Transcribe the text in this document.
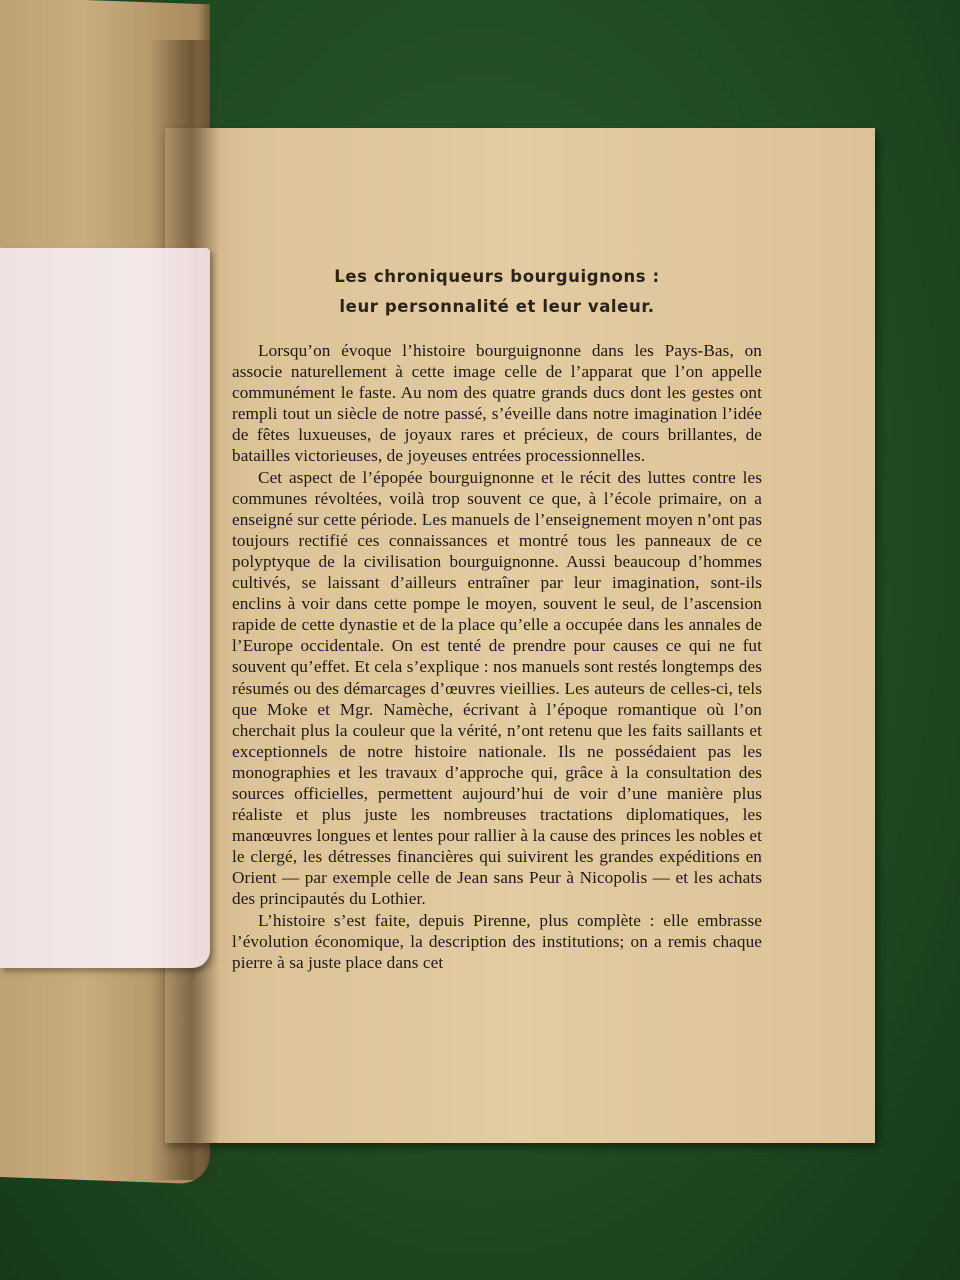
Les chroniqueurs bourguignons :
leur personnalité et leur valeur.

Lorsqu’on évoque l’histoire bourguignonne dans les Pays-Bas, on associe naturellement à cette image celle de l’apparat que l’on appelle communément le faste. Au nom des quatre grands ducs dont les gestes ont rempli tout un siècle de notre passé, s’éveille dans notre imagination l’idée de fêtes luxueuses, de joyaux rares et précieux, de cours brillantes, de batailles victorieuses, de joyeuses entrées processionnelles.

Cet aspect de l’épopée bourguignonne et le récit des luttes contre les communes révoltées, voilà trop souvent ce que, à l’école primaire, on a enseigné sur cette période. Les manuels de l’enseignement moyen n’ont pas toujours rectifié ces connaissances et montré tous les panneaux de ce polyptyque de la civilisation bourguignonne. Aussi beaucoup d’hommes cultivés, se laissant d’ailleurs entraîner par leur imagination, sont-ils enclins à voir dans cette pompe le moyen, souvent le seul, de l’ascension rapide de cette dynastie et de la place qu’elle a occupée dans les annales de l’Europe occidentale. On est tenté de prendre pour causes ce qui ne fut souvent qu’effet. Et cela s’explique : nos manuels sont restés longtemps des résumés ou des démarcages d’œuvres vieillies. Les auteurs de celles-ci, tels que Moke et Mgr. Namèche, écrivant à l’époque romantique où l’on cherchait plus la couleur que la vérité, n’ont retenu que les faits saillants et exceptionnels de notre histoire nationale. Ils ne possédaient pas les monographies et les travaux d’approche qui, grâce à la consultation des sources officielles, permettent aujourd’hui de voir d’une manière plus réaliste et plus juste les nombreuses tractations diplomatiques, les manœuvres longues et lentes pour rallier à la cause des princes les nobles et le clergé, les détresses financières qui suivirent les grandes expéditions en Orient — par exemple celle de Jean sans Peur à Nicopolis — et les achats des principautés du Lothier.

L’histoire s’est faite, depuis Pirenne, plus complète : elle embrasse l’évolution économique, la description des institutions; on a remis chaque pierre à sa juste place dans cet
